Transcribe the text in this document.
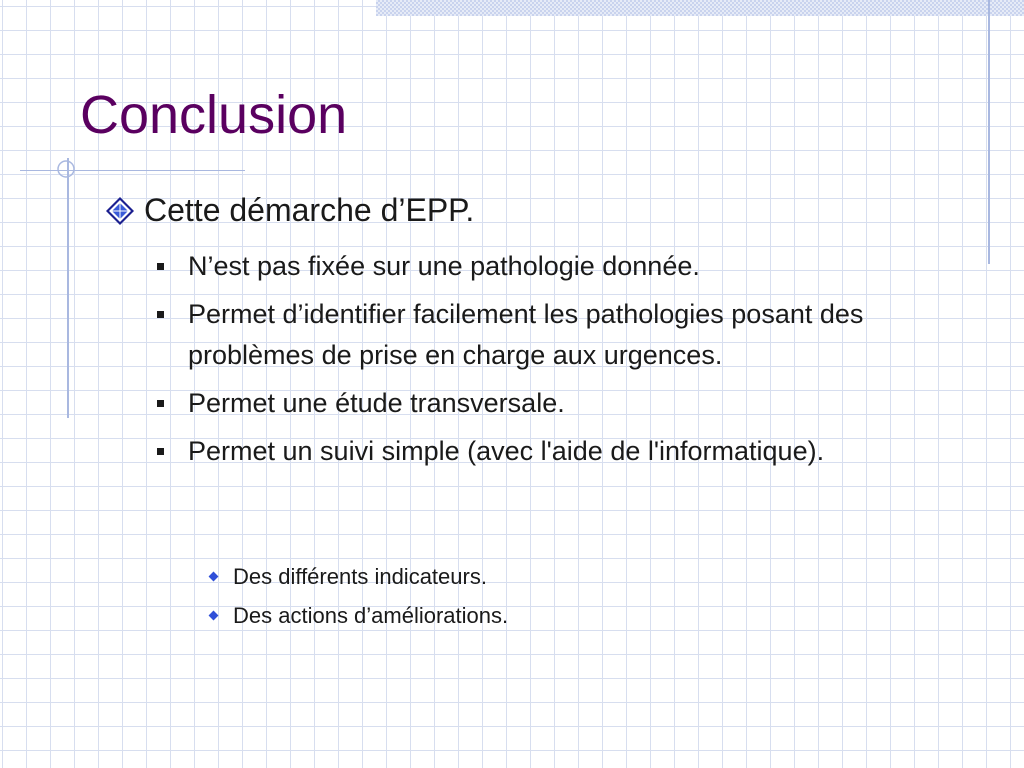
Conclusion
Cette démarche d’EPP.
N’est pas fixée sur une pathologie donnée.
Permet d’identifier facilement les pathologies posant des problèmes de prise en charge aux urgences.
Permet une étude transversale.
Permet un suivi simple (avec l'aide de l'informatique).
Des différents indicateurs.
Des actions d’améliorations.
